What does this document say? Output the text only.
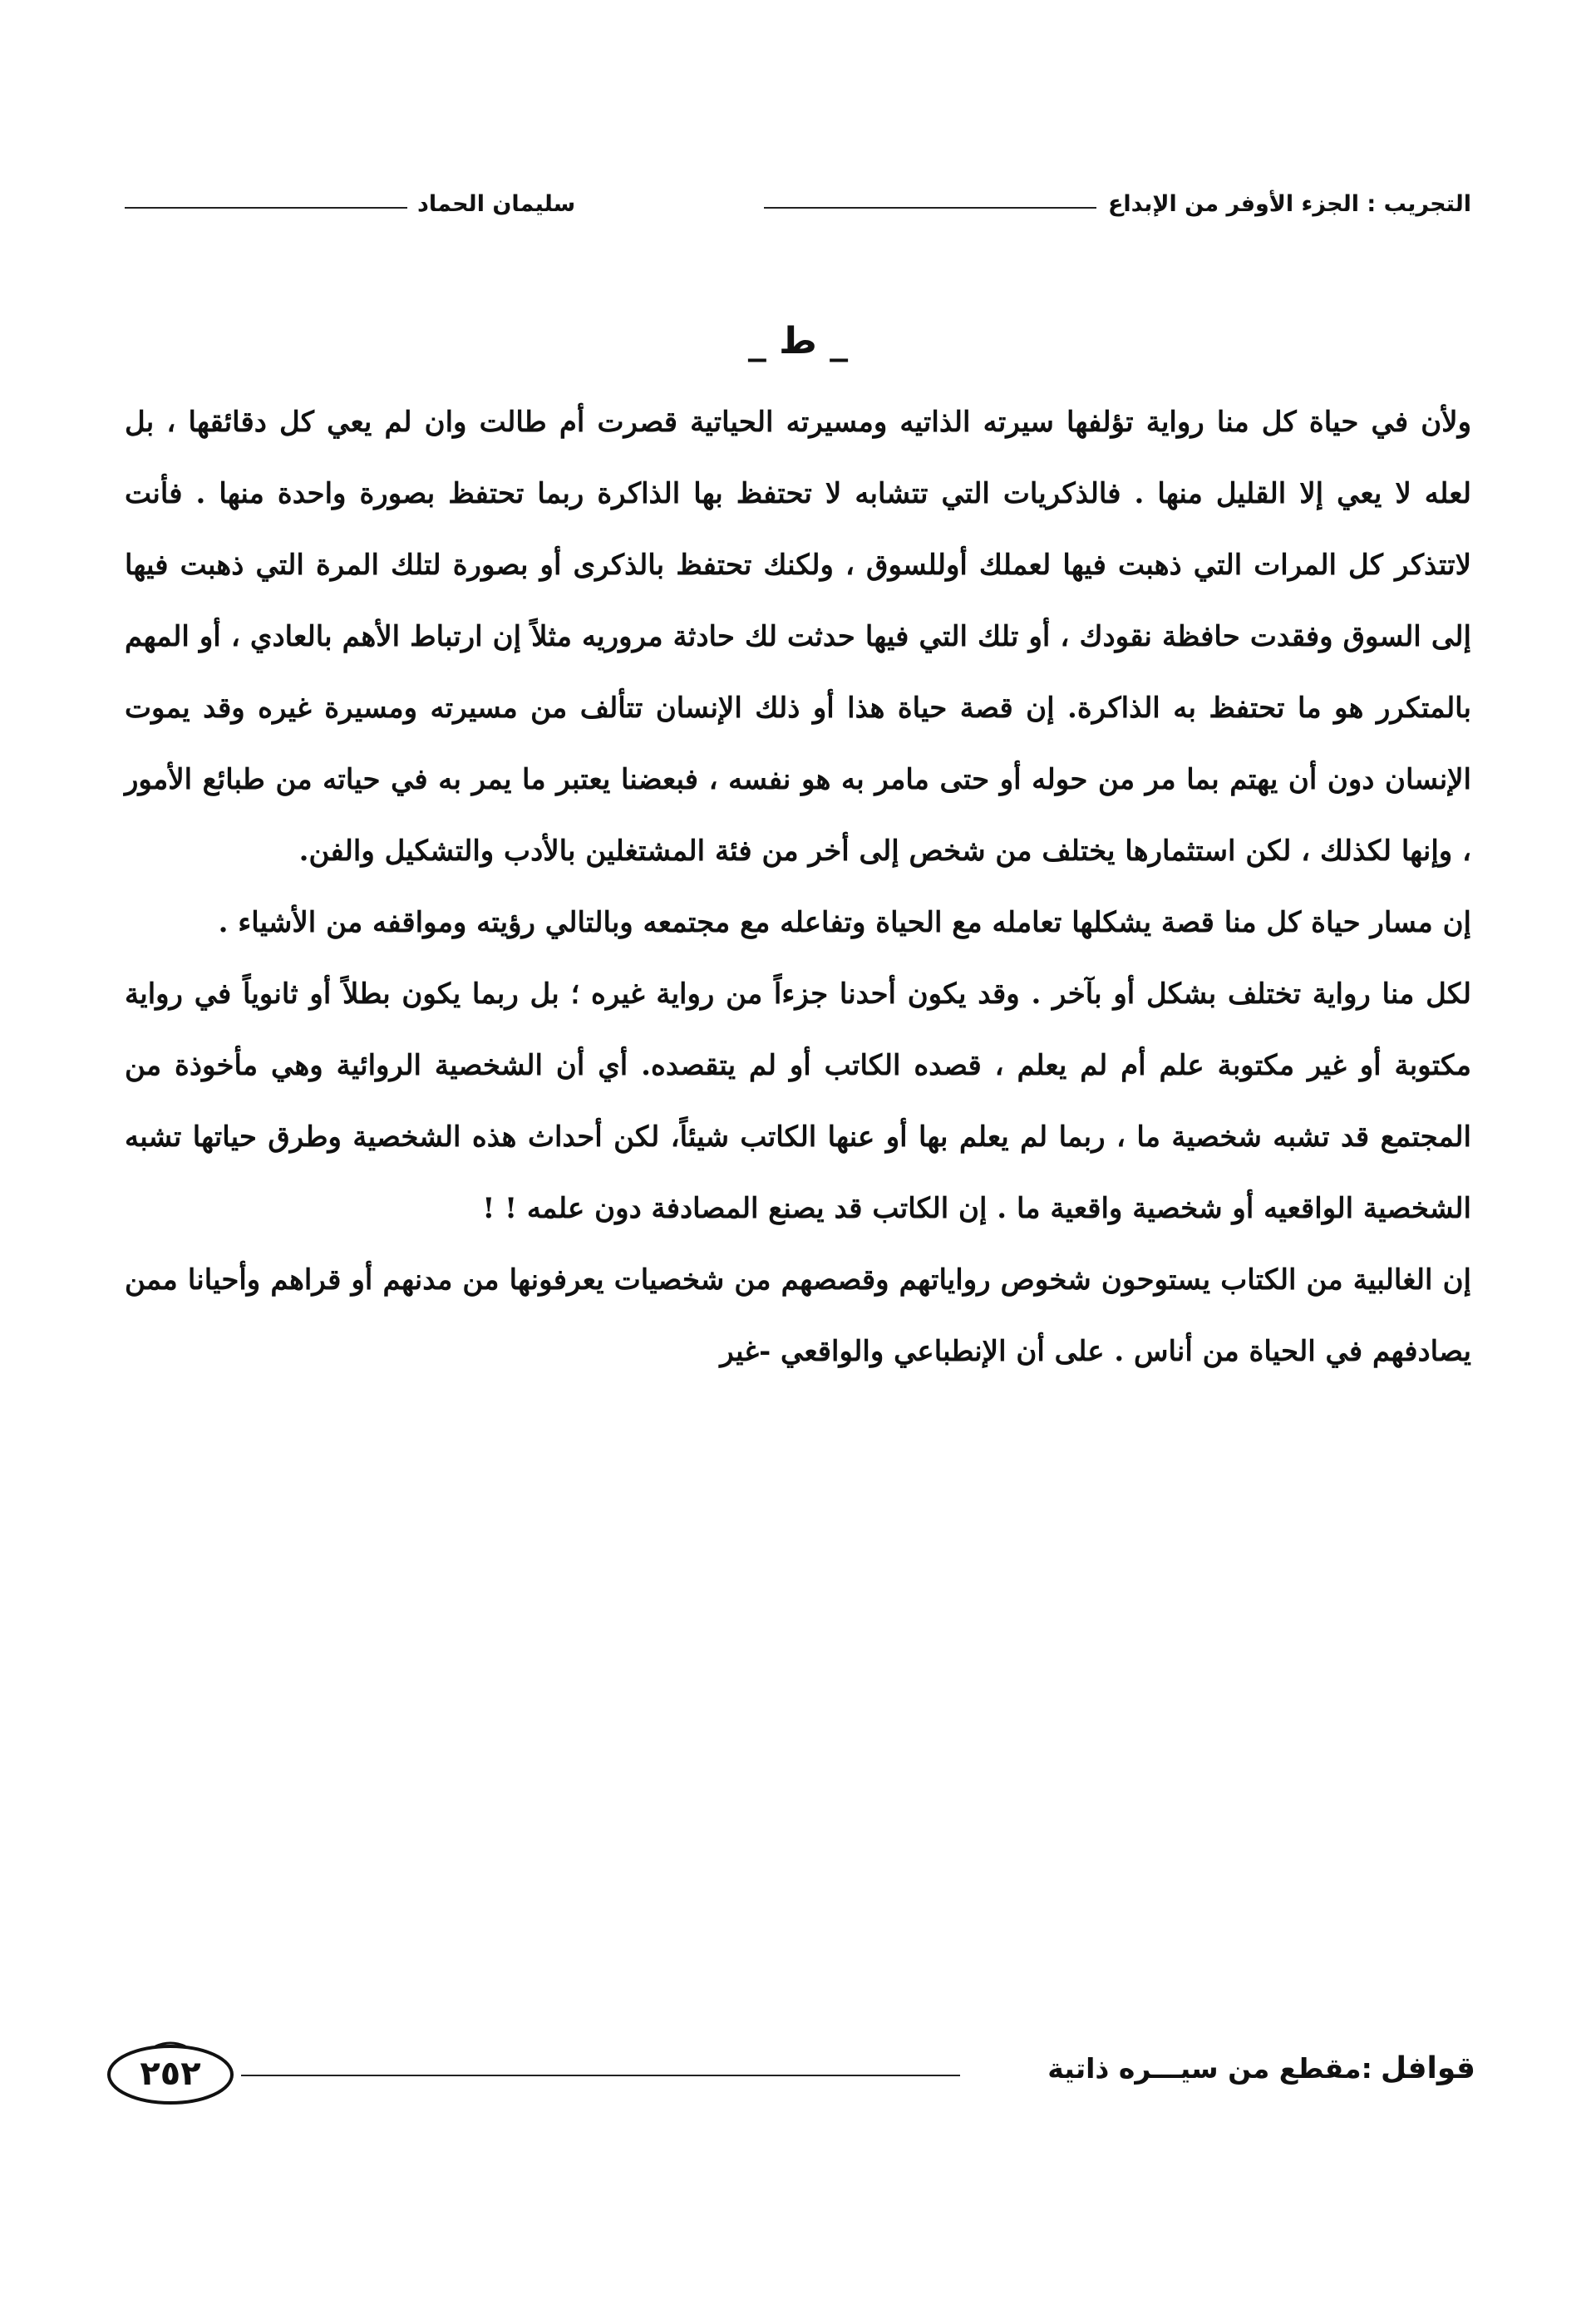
التجريب : الجزء الأوفر من الإبداع
سليمان الحماد
_ ط _

ولأن في حياة كل منا رواية تؤلفها سيرته الذاتيه ومسيرته الحياتية قصرت أم طالت وان لم يعي كل دقائقها ، بل لعله لا يعي إلا القليل منها . فالذكريات التي تتشابه لا تحتفظ بها الذاكرة ربما تحتفظ بصورة واحدة منها . فأنت لاتتذكر كل المرات التي ذهبت فيها لعملك أوللسوق ، ولكنك تحتفظ بالذكرى أو بصورة لتلك المرة التي ذهبت فيها إلى السوق وفقدت حافظة نقودك ، أو تلك التي فيها حدثت لك حادثة مروريه مثلاً إن ارتباط الأهم بالعادي ، أو المهم بالمتكرر هو ما تحتفظ به الذاكرة. إن قصة حياة هذا أو ذلك الإنسان تتألف من مسيرته ومسيرة غيره وقد يموت الإنسان دون أن يهتم بما مر من حوله أو حتى مامر به هو نفسه ، فبعضنا يعتبر ما يمر به في حياته من طبائع الأمور ، وإنها لكذلك ، لكن استثمارها يختلف من شخص إلى أخر من فئة المشتغلين بالأدب والتشكيل والفن.

إن مسار حياة كل منا قصة يشكلها تعامله مع الحياة وتفاعله مع مجتمعه وبالتالي رؤيته ومواقفه من الأشياء .

لكل منا رواية تختلف بشكل أو بآخر . وقد يكون أحدنا جزءاً من رواية غيره ؛ بل ربما يكون بطلاً أو ثانوياً في رواية مكتوبة أو غير مكتوبة علم أم لم يعلم ، قصده الكاتب أو لم يتقصده. أي أن الشخصية الروائية وهي مأخوذة من المجتمع قد تشبه شخصية ما ، ربما لم يعلم بها أو عنها الكاتب شيئاً، لكن أحداث هذه الشخصية وطرق حياتها تشبه الشخصية الواقعيه أو شخصية واقعية ما . إن الكاتب قد يصنع المصادفة دون علمه ! !

إن الغالبية من الكتاب يستوحون شخوص رواياتهم وقصصهم من شخصيات يعرفونها من مدنهم أو قراهم وأحيانا ممن يصادفهم في الحياة من أناس . على أن الإنطباعي والواقعي -غير

قوافل
:مقطع من سيـــره ذاتية
٢٥٢
